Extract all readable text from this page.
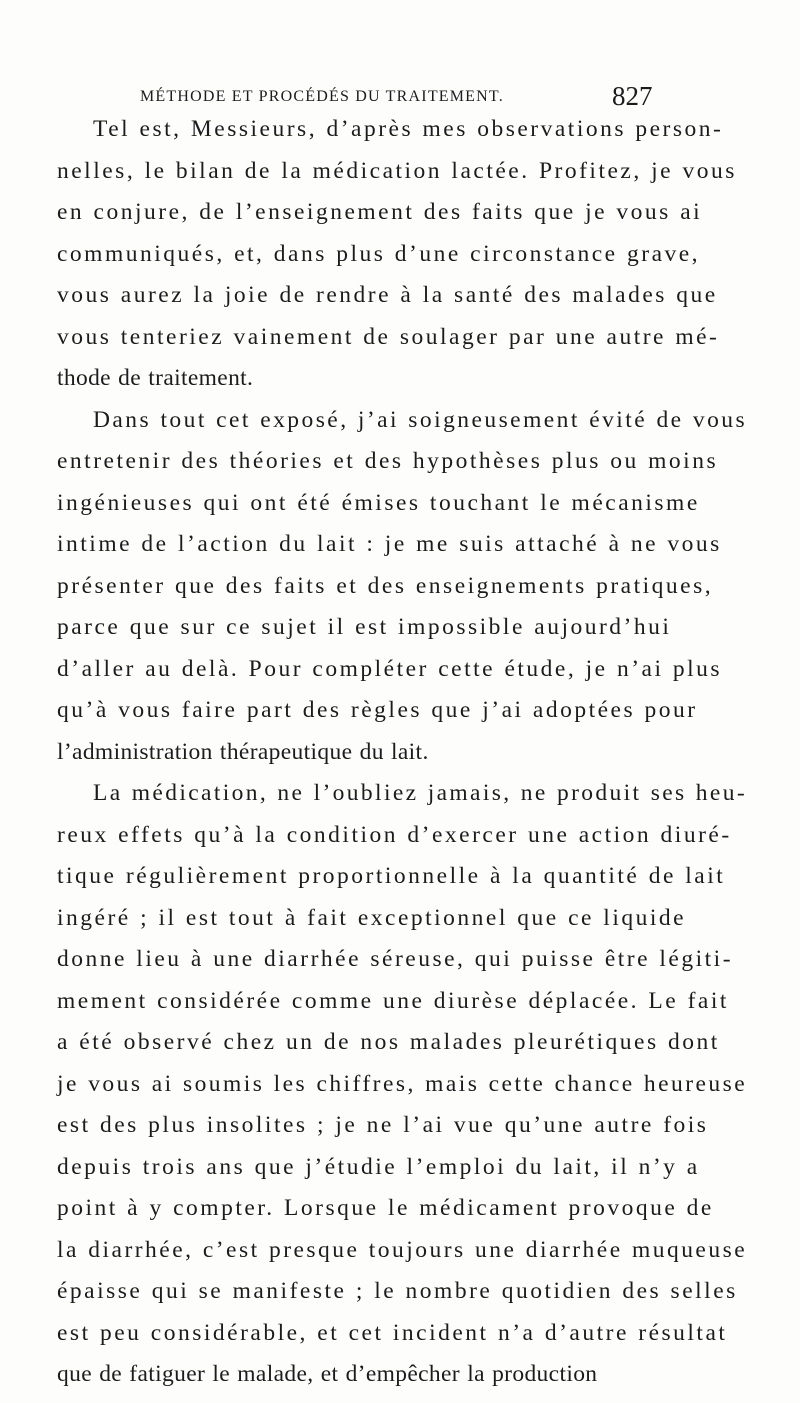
MÉTHODE ET PROCÉDÉS DU TRAITEMENT.	827
Tel est, Messieurs, d’après mes observations person-
nelles, le bilan de la médication lactée. Profitez, je vous
en conjure, de l’enseignement des faits que je vous ai
communiqués, et, dans plus d’une circonstance grave,
vous aurez la joie de rendre à la santé des malades que
vous tenteriez vainement de soulager par une autre mé-
thode de traitement.
Dans tout cet exposé, j’ai soigneusement évité de vous
entretenir des théories et des hypothèses plus ou moins
ingénieuses qui ont été émises touchant le mécanisme
intime de l’action du lait : je me suis attaché à ne vous
présenter que des faits et des enseignements pratiques,
parce que sur ce sujet il est impossible aujourd’hui
d’aller au delà. Pour compléter cette étude, je n’ai plus
qu’à vous faire part des règles que j’ai adoptées pour
l’administration thérapeutique du lait.
La médication, ne l’oubliez jamais, ne produit ses heu-
reux effets qu’à la condition d’exercer une action diuré-
tique régulièrement proportionnelle à la quantité de lait
ingéré ; il est tout à fait exceptionnel que ce liquide
donne lieu à une diarrhée séreuse, qui puisse être légiti-
mement considérée comme une diurèse déplacée. Le fait
a été observé chez un de nos malades pleurétiques dont
je vous ai soumis les chiffres, mais cette chance heureuse
est des plus insolites ; je ne l’ai vue qu’une autre fois
depuis trois ans que j’étudie l’emploi du lait, il n’y a
point à y compter. Lorsque le médicament provoque de
la diarrhée, c’est presque toujours une diarrhée muqueuse
épaisse qui se manifeste ; le nombre quotidien des selles
est peu considérable, et cet incident n’a d’autre résultat
que de fatiguer le malade, et d’empêcher la production
